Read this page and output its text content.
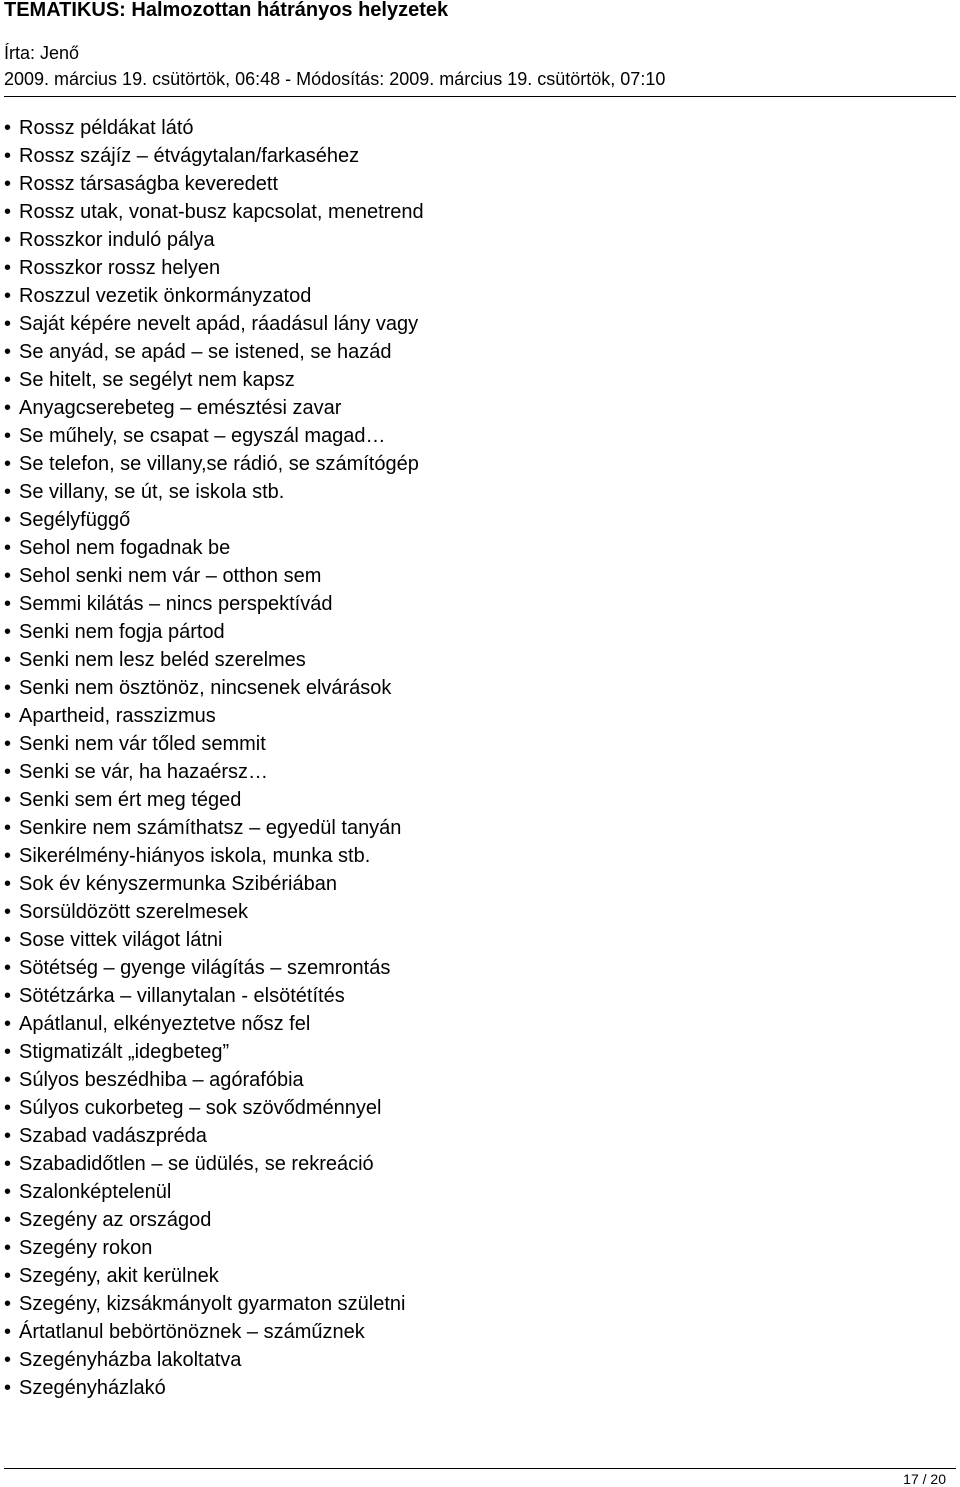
TEMATIKUS: Halmozottan hátrányos helyzetek
Írta: Jenő
2009. március 19. csütörtök, 06:48 - Módosítás: 2009. március 19. csütörtök, 07:10
• Rossz példákat látó
• Rossz szájíz – étvágytalan/farkaséhez
• Rossz társaságba keveredett
• Rossz utak, vonat-busz kapcsolat, menetrend
• Rosszkor induló pálya
• Rosszkor rossz helyen
• Roszzul vezetik önkormányzatod
• Saját képére nevelt apád, ráadásul lány vagy
• Se anyád, se apád – se istened, se hazád
• Se hitelt, se segélyt nem kapsz
• Anyagcserebeteg – emésztési zavar
• Se műhely, se csapat – egyszál magad…
• Se telefon, se villany,se rádió, se számítógép
• Se villany, se út, se iskola stb.
• Segélyfüggő
• Sehol nem fogadnak be
• Sehol senki nem vár – otthon sem
• Semmi kilátás – nincs perspektívád
• Senki nem fogja pártod
• Senki nem lesz beléd szerelmes
• Senki nem ösztönöz, nincsenek elvárások
• Apartheid, rasszizmus
• Senki nem vár tőled semmit
• Senki se vár, ha hazaérsz…
• Senki sem ért meg téged
• Senkire nem számíthatsz – egyedül tanyán
• Sikerélmény-hiányos iskola, munka stb.
• Sok év kényszermunka Szibériában
• Sorsüldözött szerelmesek
• Sose vittek világot látni
• Sötétség – gyenge világítás – szemrontás
• Sötétzárka – villanytalan - elsötétítés
• Apátlanul, elkényeztetve nősz fel
• Stigmatizált „idegbeteg”
• Súlyos beszédhiba – agórafóbia
• Súlyos cukorbeteg – sok szövődménnyel
• Szabad vadászpréda
• Szabadidőtlen – se üdülés, se rekreáció
• Szalonképtelenül
• Szegény az országod
• Szegény rokon
• Szegény, akit kerülnek
• Szegény, kizsákmányolt gyarmaton születni
• Ártatlanul bebörtönöznek – száműznek
• Szegényházba lakoltatva
• Szegényházlakó
17 / 20
